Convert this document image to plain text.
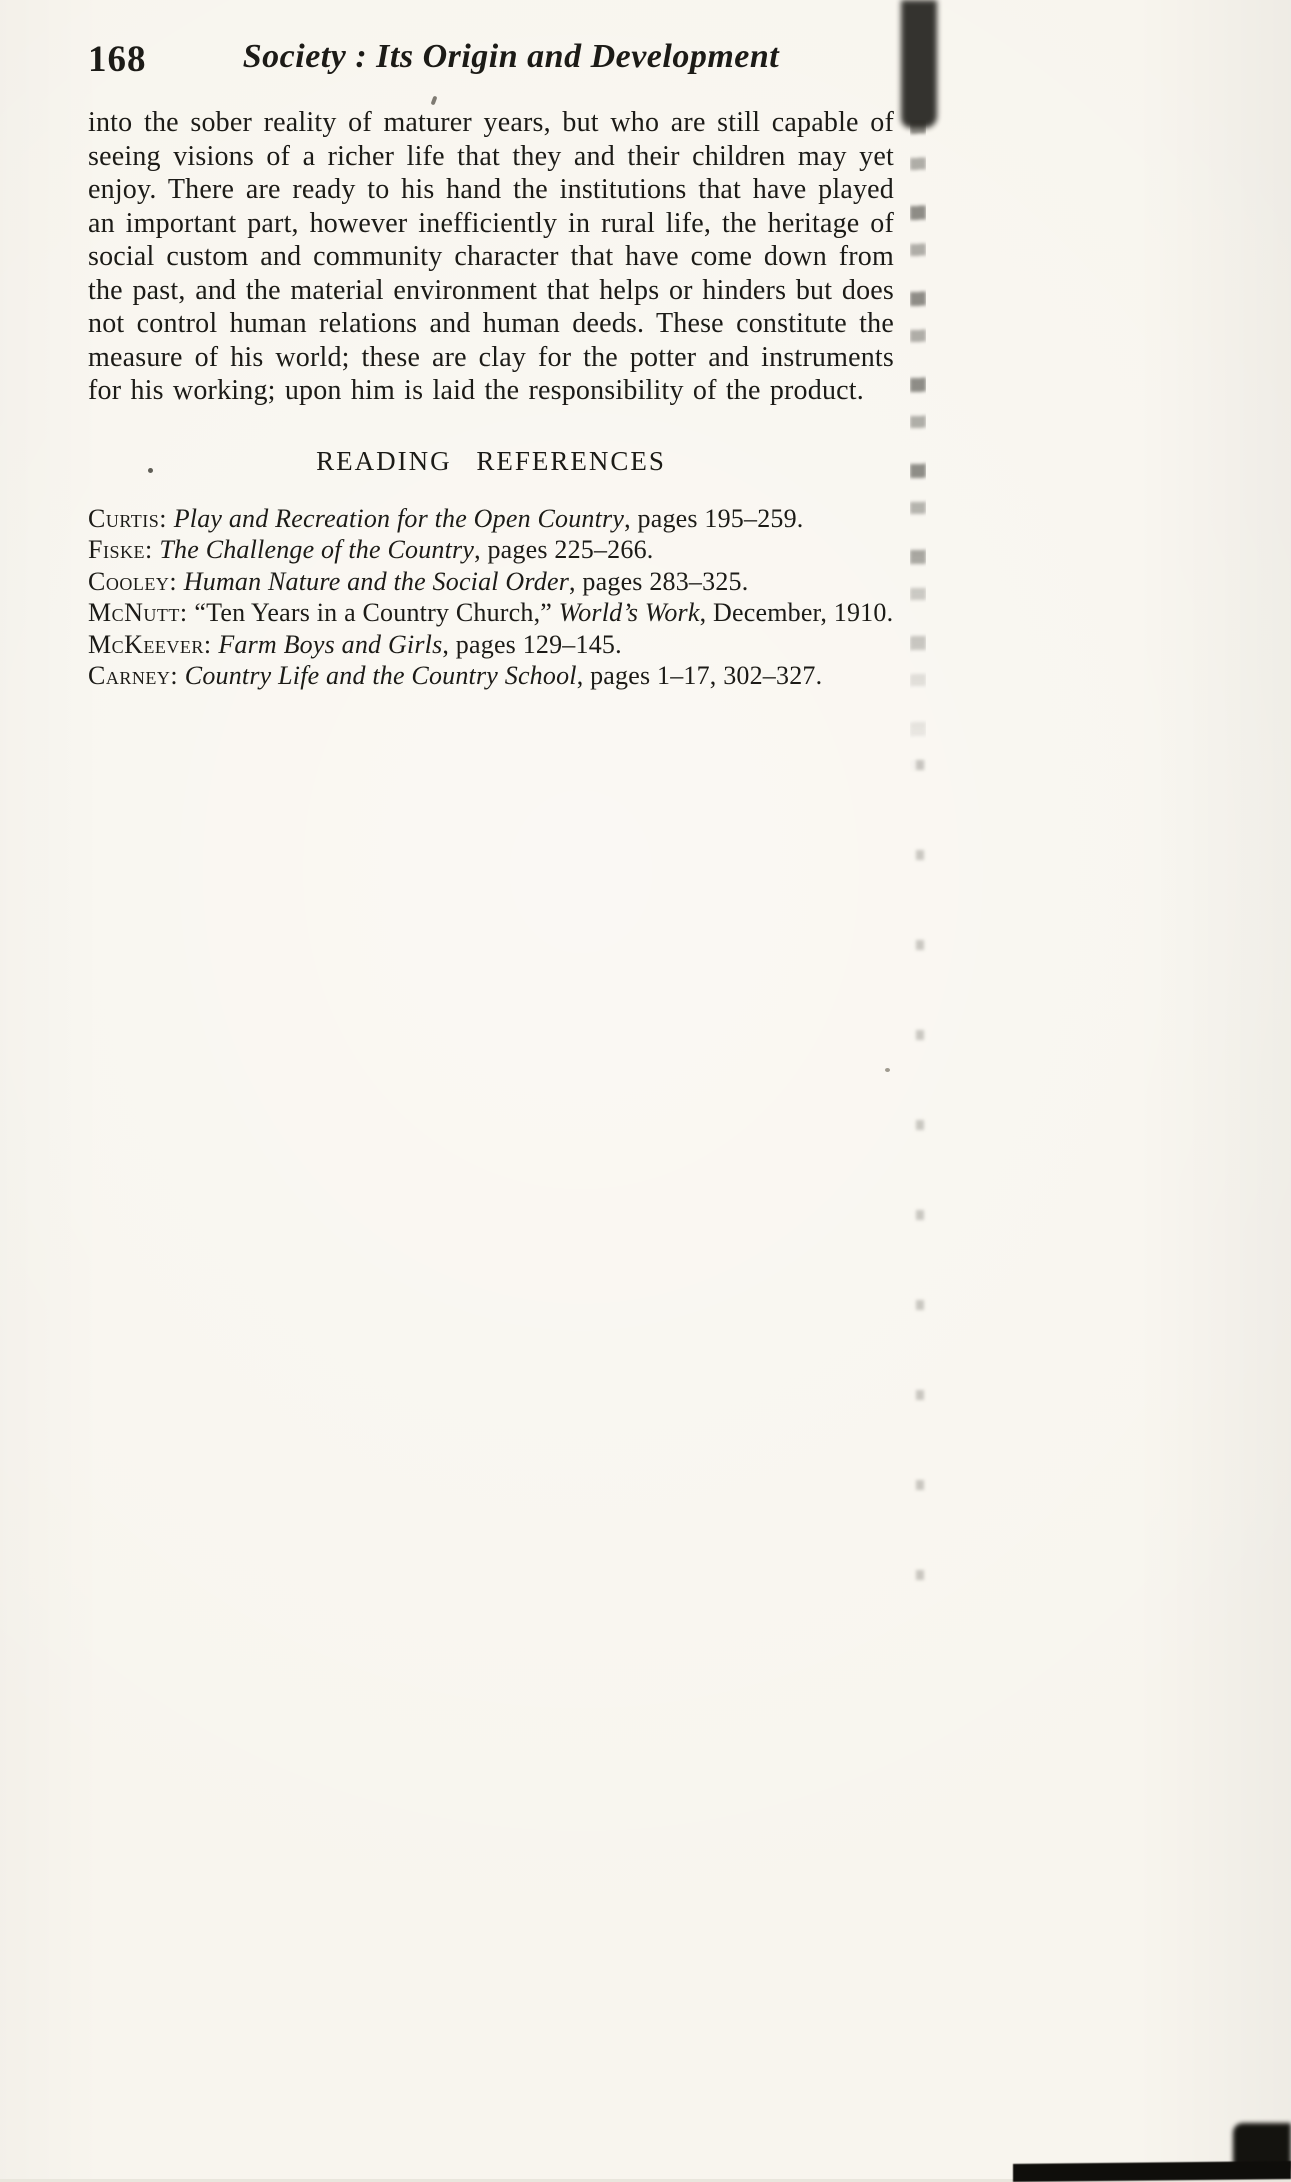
168	Society : Its Origin and Development

into the sober reality of maturer years, but who are still capable of seeing visions of a richer life that they and their children may yet enjoy. There are ready to his hand the institutions that have played an important part, however inefficiently in rural life, the heritage of social custom and community character that have come down from the past, and the material environment that helps or hinders but does not control human relations and human deeds. These constitute the measure of his world; these are clay for the potter and instruments for his working; upon him is laid the responsibility of the product.

READING REFERENCES
Curtis: Play and Recreation for the Open Country, pages 195–259.
Fiske: The Challenge of the Country, pages 225–266.
Cooley: Human Nature and the Social Order, pages 283–325.
McNutt: “Ten Years in a Country Church,” World’s Work, December, 1910.
McKeever: Farm Boys and Girls, pages 129–145.
Carney: Country Life and the Country School, pages 1–17, 302–327.
